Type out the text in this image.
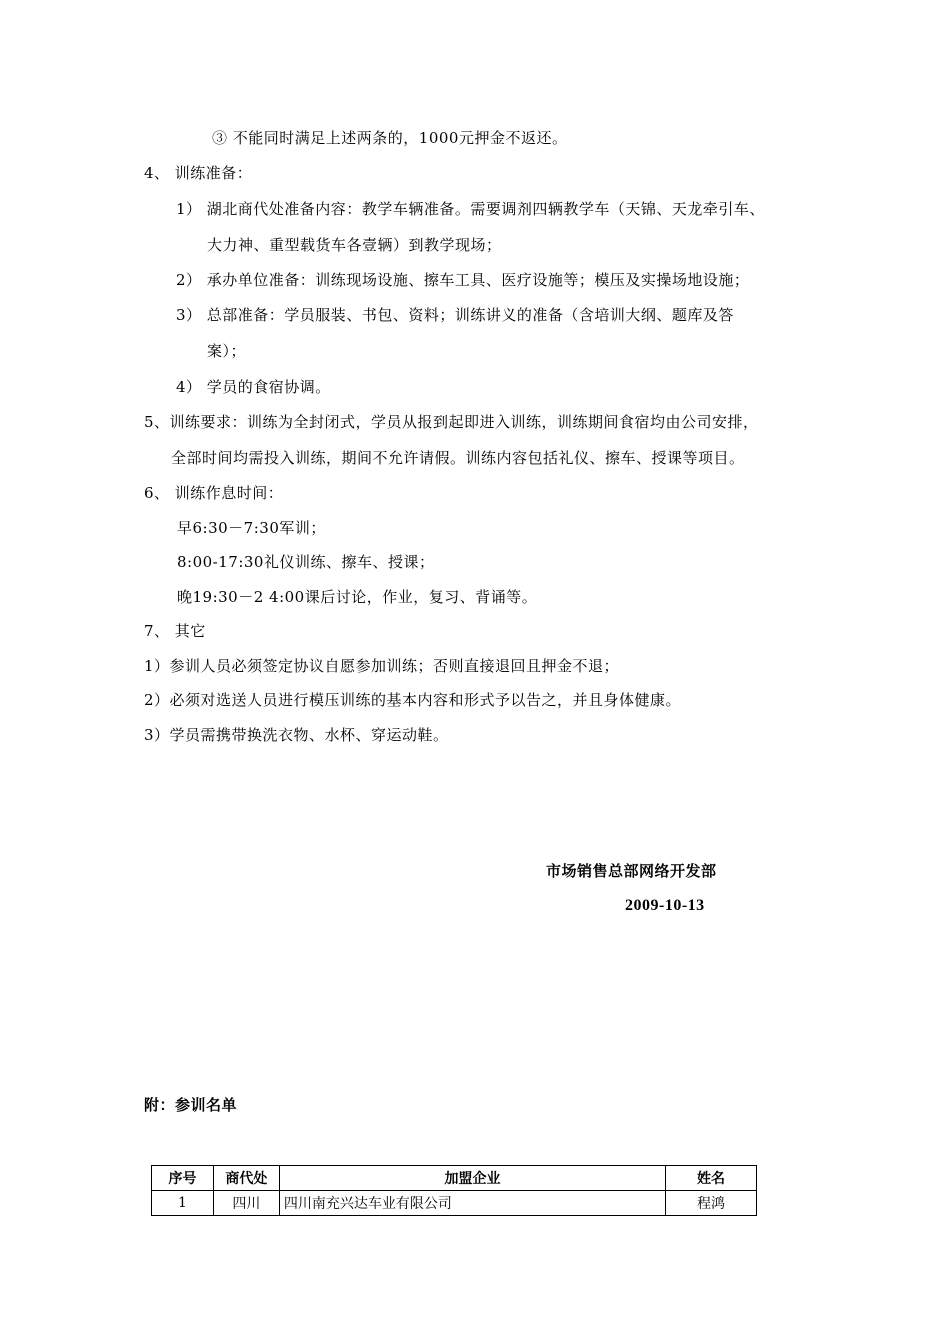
③ 不能同时满足上述两条的，1000元押金不返还。
4、 训练准备：
1） 湖北商代处准备内容：教学车辆准备。需要调剂四辆教学车（天锦、天龙牵引车、
大力神、重型载货车各壹辆）到教学现场；
2） 承办单位准备：训练现场设施、擦车工具、医疗设施等；模压及实操场地设施；
3） 总部准备：学员服装、书包、资料；训练讲义的准备（含培训大纲、题库及答
案）；
4） 学员的食宿协调。
5、训练要求：训练为全封闭式，学员从报到起即进入训练，训练期间食宿均由公司安排，
全部时间均需投入训练，期间不允许请假。训练内容包括礼仪、擦车、授课等项目。
6、 训练作息时间：
早6:30－7:30军训；
8:00-17:30礼仪训练、擦车、授课；
晚19:30－2 4:00课后讨论，作业，复习、背诵等。
7、 其它
1）参训人员必须签定协议自愿参加训练；否则直接退回且押金不退；
2）必须对选送人员进行模压训练的基本内容和形式予以告之，并且身体健康。
3）学员需携带换洗衣物、水杯、穿运动鞋。
市场销售总部网络开发部
2009-10-13
附：参训名单
序号	商代处	加盟企业	姓名
1	四川	四川南充兴达车业有限公司	程鸿
